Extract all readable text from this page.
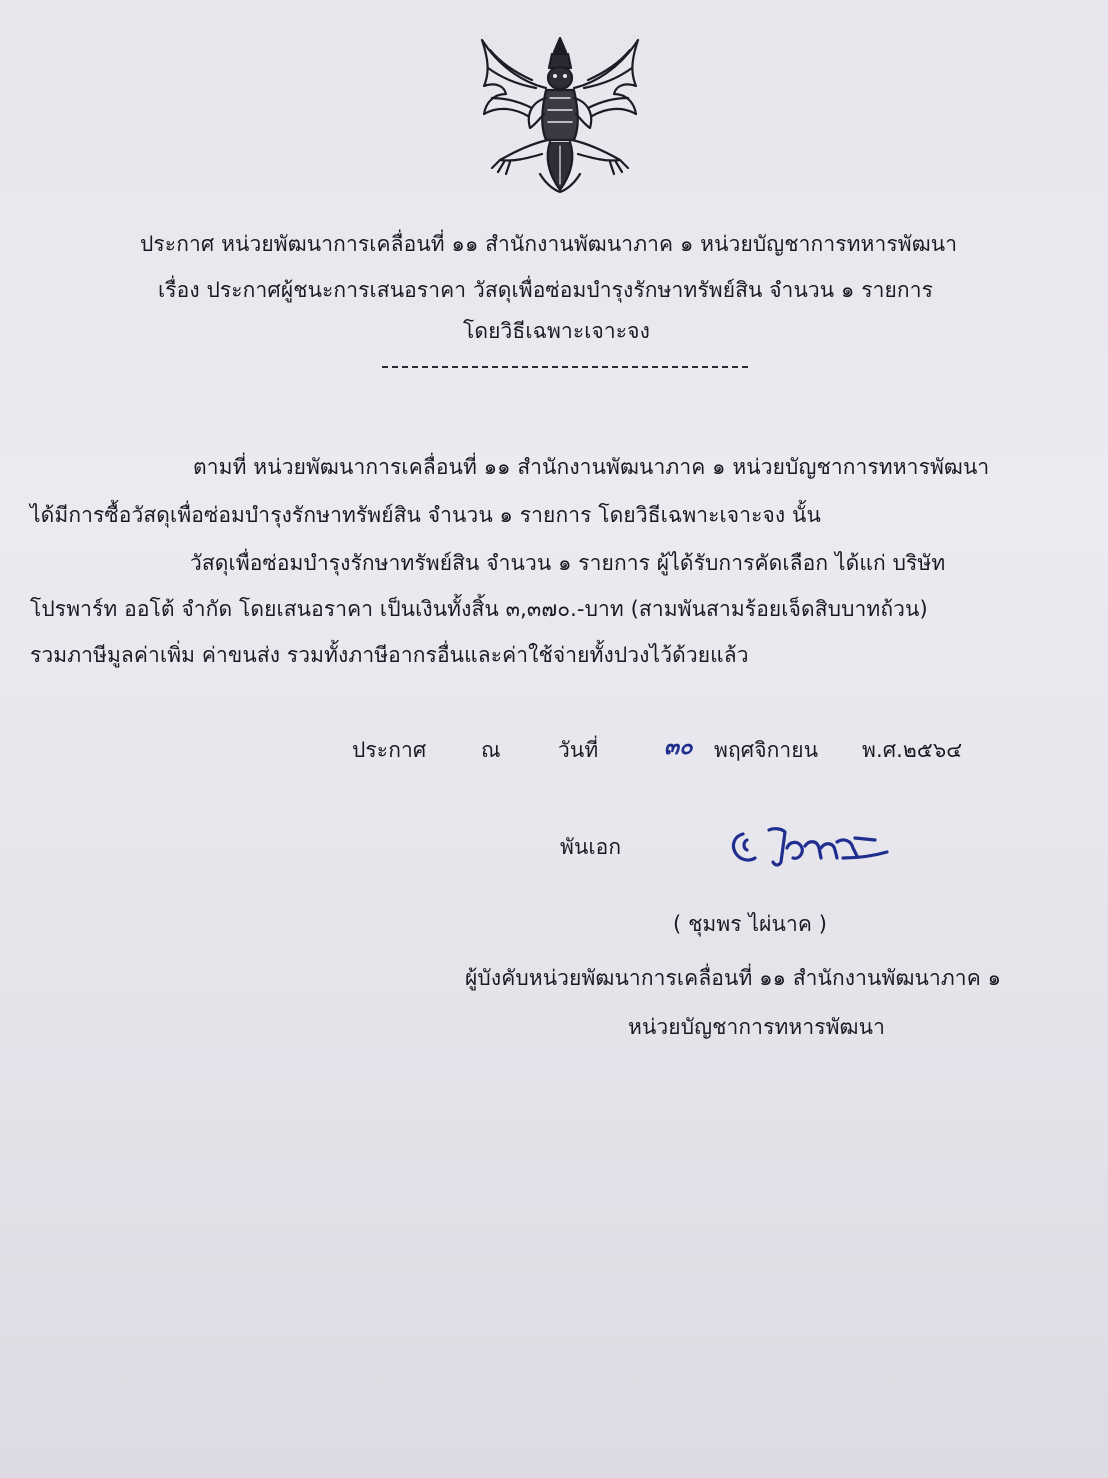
ประกาศ หน่วยพัฒนาการเคลื่อนที่ ๑๑ สำนักงานพัฒนาภาค ๑ หน่วยบัญชาการทหารพัฒนา
เรื่อง ประกาศผู้ชนะการเสนอราคา วัสดุเพื่อซ่อมบำรุงรักษาทรัพย์สิน จำนวน ๑ รายการ
โดยวิธีเฉพาะเจาะจง
ตามที่ หน่วยพัฒนาการเคลื่อนที่ ๑๑ สำนักงานพัฒนาภาค ๑ หน่วยบัญชาการทหารพัฒนา
ได้มีการซื้อวัสดุเพื่อซ่อมบำรุงรักษาทรัพย์สิน จำนวน ๑ รายการ โดยวิธีเฉพาะเจาะจง นั้น
วัสดุเพื่อซ่อมบำรุงรักษาทรัพย์สิน จำนวน ๑ รายการ ผู้ได้รับการคัดเลือก ได้แก่ บริษัท
โปรพาร์ท ออโต้ จำกัด โดยเสนอราคา เป็นเงินทั้งสิ้น ๓,๓๗๐.-บาท (สามพันสามร้อยเจ็ดสิบบาทถ้วน)
รวมภาษีมูลค่าเพิ่ม ค่าขนส่ง รวมทั้งภาษีอากรอื่นและค่าใช้จ่ายทั้งปวงไว้ด้วยแล้ว
ประกาศ	ณ	วันที่	๓๐ พฤศจิกายน พ.ศ.๒๕๖๔
พันเอก
( ชุมพร ไผ่นาค )
ผู้บังคับหน่วยพัฒนาการเคลื่อนที่ ๑๑ สำนักงานพัฒนาภาค ๑
หน่วยบัญชาการทหารพัฒนา
